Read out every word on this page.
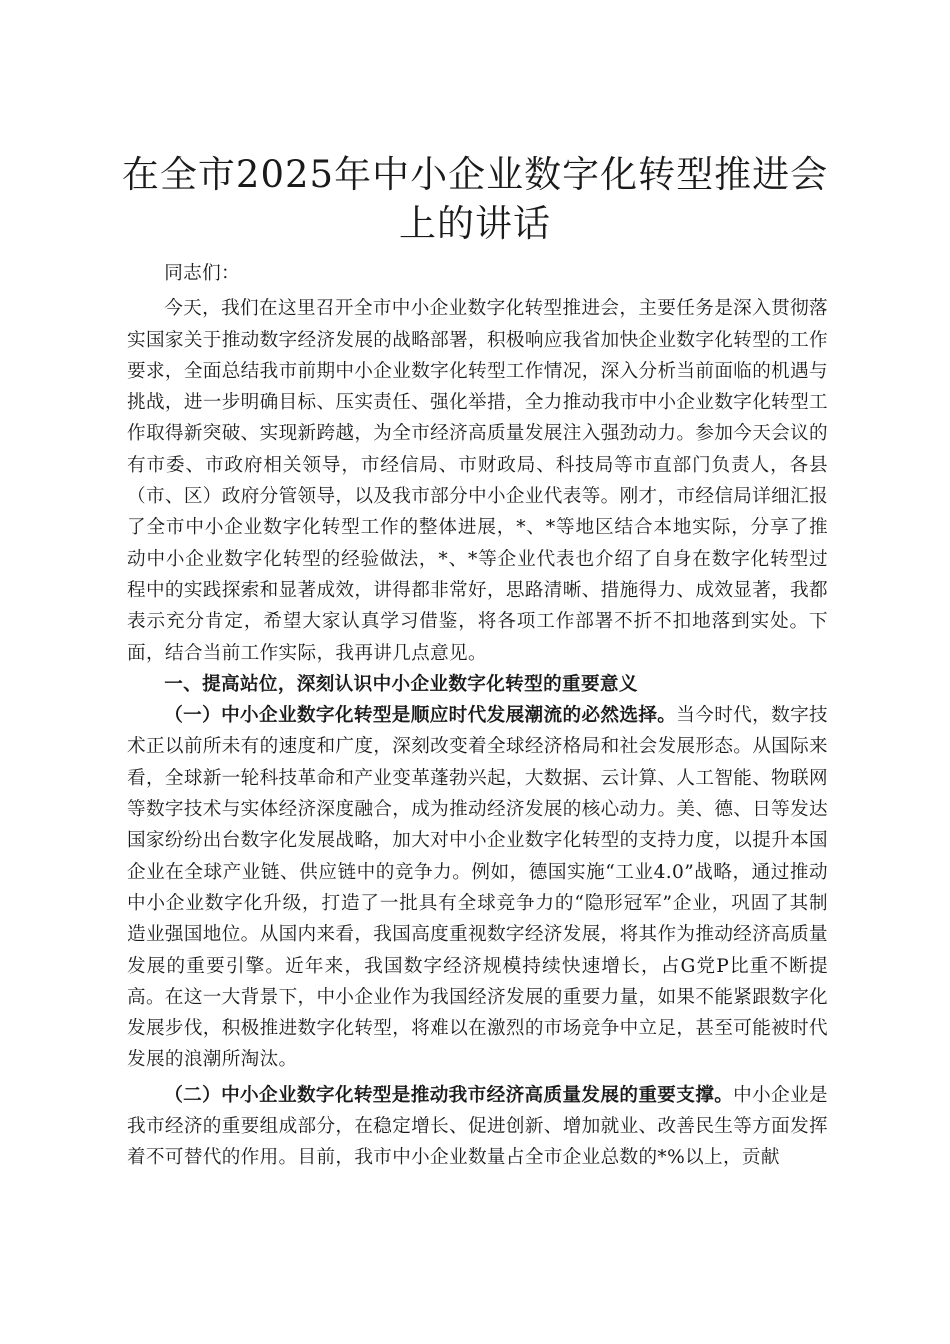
在全市2025年中小企业数字化转型推进会上的讲话

同志们：

今天，我们在这里召开全市中小企业数字化转型推进会，主要任务是深入贯彻落实国家关于推动数字经济发展的战略部署，积极响应我省加快企业数字化转型的工作要求，全面总结我市前期中小企业数字化转型工作情况，深入分析当前面临的机遇与挑战，进一步明确目标、压实责任、强化举措，全力推动我市中小企业数字化转型工作取得新突破、实现新跨越，为全市经济高质量发展注入强劲动力。参加今天会议的有市委、市政府相关领导，市经信局、市财政局、科技局等市直部门负责人，各县（市、区）政府分管领导，以及我市部分中小企业代表等。刚才，市经信局详细汇报了全市中小企业数字化转型工作的整体进展，*、*等地区结合本地实际，分享了推动中小企业数字化转型的经验做法，*、*等企业代表也介绍了自身在数字化转型过程中的实践探索和显著成效，讲得都非常好，思路清晰、措施得力、成效显著，我都表示充分肯定，希望大家认真学习借鉴，将各项工作部署不折不扣地落到实处。下面，结合当前工作实际，我再讲几点意见。

一、提高站位，深刻认识中小企业数字化转型的重要意义

（一）中小企业数字化转型是顺应时代发展潮流的必然选择。当今时代，数字技术正以前所未有的速度和广度，深刻改变着全球经济格局和社会发展形态。从国际来看，全球新一轮科技革命和产业变革蓬勃兴起，大数据、云计算、人工智能、物联网等数字技术与实体经济深度融合，成为推动经济发展的核心动力。美、德、日等发达国家纷纷出台数字化发展战略，加大对中小企业数字化转型的支持力度，以提升本国企业在全球产业链、供应链中的竞争力。例如，德国实施“工业4.0”战略，通过推动中小企业数字化升级，打造了一批具有全球竞争力的“隐形冠军”企业，巩固了其制造业强国地位。从国内来看，我国高度重视数字经济发展，将其作为推动经济高质量发展的重要引擎。近年来，我国数字经济规模持续快速增长，占G党P比重不断提高。在这一大背景下，中小企业作为我国经济发展的重要力量，如果不能紧跟数字化发展步伐，积极推进数字化转型，将难以在激烈的市场竞争中立足，甚至可能被时代发展的浪潮所淘汰。

（二）中小企业数字化转型是推动我市经济高质量发展的重要支撑。中小企业是我市经济的重要组成部分，在稳定增长、促进创新、增加就业、改善民生等方面发挥着不可替代的作用。目前，我市中小企业数量占全市企业总数的*%以上，贡献
